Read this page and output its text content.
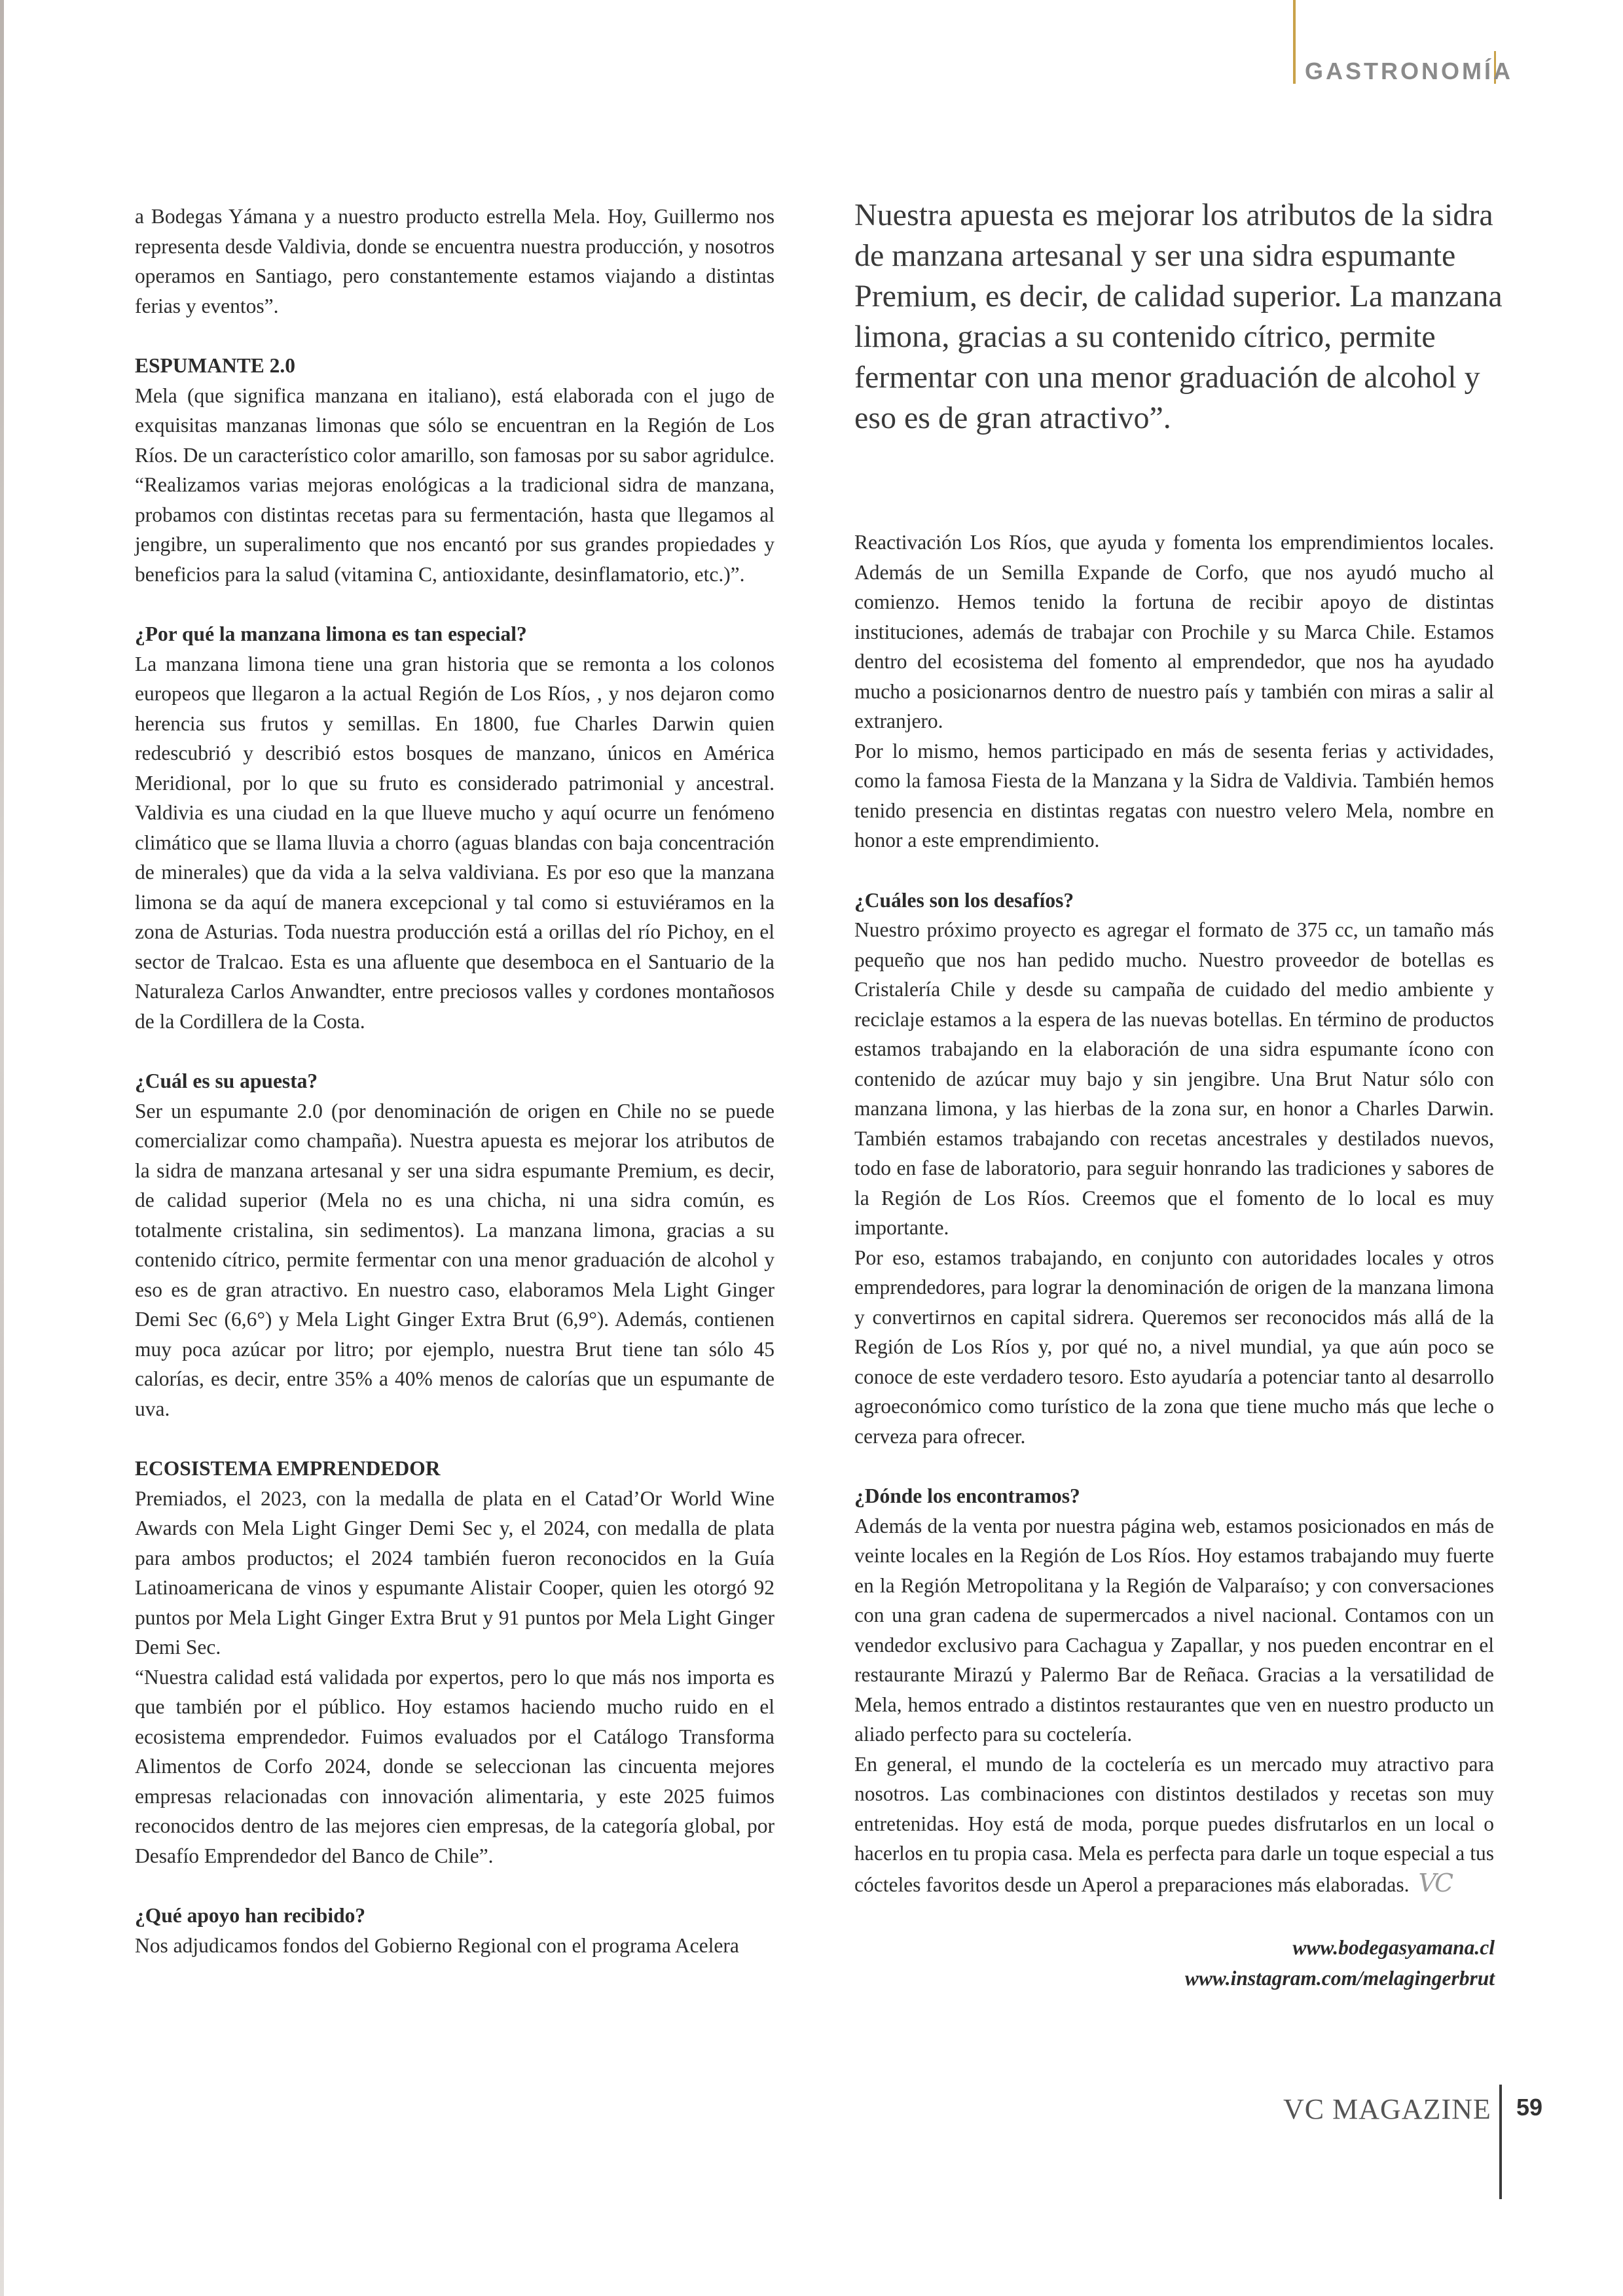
GASTRONOMÍA
Nuestra apuesta es mejorar los atributos de la sidra de manzana artesanal y ser una sidra espumante Premium, es decir, de calidad superior. La manzana limona, gracias a su contenido cítrico, permite fermentar con una menor graduación de alcohol y eso es de gran atractivo”.

a Bodegas Yámana y a nuestro producto estrella Mela. Hoy, Guillermo nos representa desde Valdivia, donde se encuentra nuestra producción, y nosotros operamos en Santiago, pero constantemente estamos viajando a distintas ferias y eventos”.

ESPUMANTE 2.0

Mela (que significa manzana en italiano), está elaborada con el jugo de exquisitas manzanas limonas que sólo se encuentran en la Región de Los Ríos. De un característico color amarillo, son famosas por su sabor agridulce. “Realizamos varias mejoras enológicas a la tradicional sidra de manzana, probamos con distintas recetas para su fermentación, hasta que llegamos al jengibre, un superalimento que nos encantó por sus grandes propiedades y beneficios para la salud (vitamina C, antioxidante, desinflamatorio, etc.)”.

¿Por qué la manzana limona es tan especial?

La manzana limona tiene una gran historia que se remonta a los colonos europeos que llegaron a la actual Región de Los Ríos, , y nos dejaron como herencia sus frutos y semillas. En 1800, fue Charles Darwin quien redescubrió y describió estos bosques de manzano, únicos en América Meridional, por lo que su fruto es considerado patrimonial y ancestral. Valdivia es una ciudad en la que llueve mucho y aquí ocurre un fenómeno climático que se llama lluvia a chorro (aguas blandas con baja concentración de minerales) que da vida a la selva valdiviana. Es por eso que la manzana limona se da aquí de manera excepcional y tal como si estuviéramos en la zona de Asturias. Toda nuestra producción está a orillas del río Pichoy, en el sector de Tralcao. Esta es una afluente que desemboca en el Santuario de la Naturaleza Carlos Anwandter, entre preciosos valles y cordones montañosos de la Cordillera de la Costa.

¿Cuál es su apuesta?

Ser un espumante 2.0 (por denominación de origen en Chile no se puede comercializar como champaña). Nuestra apuesta es mejorar los atributos de la sidra de manzana artesanal y ser una sidra espumante Premium, es decir, de calidad superior (Mela no es una chicha, ni una sidra común, es totalmente cristalina, sin sedimentos). La manzana limona, gracias a su contenido cítrico, permite fermentar con una menor graduación de alcohol y eso es de gran atractivo. En nuestro caso, elaboramos Mela Light Ginger Demi Sec (6,6°) y Mela Light Ginger Extra Brut (6,9°). Además, contienen muy poca azúcar por litro; por ejemplo, nuestra Brut tiene tan sólo 45 calorías, es decir, entre 35% a 40% menos de calorías que un espumante de uva.

ECOSISTEMA EMPRENDEDOR

Premiados, el 2023, con la medalla de plata en el Catad’Or World Wine Awards con Mela Light Ginger Demi Sec y, el 2024, con medalla de plata para ambos productos; el 2024 también fueron reconocidos en la Guía Latinoamericana de vinos y espumante Alistair Cooper, quien les otorgó 92 puntos por Mela Light Ginger Extra Brut y 91 puntos por Mela Light Ginger Demi Sec.

“Nuestra calidad está validada por expertos, pero lo que más nos importa es que también por el público. Hoy estamos haciendo mucho ruido en el ecosistema emprendedor. Fuimos evaluados por el Catálogo Transforma Alimentos de Corfo 2024, donde se seleccionan las cincuenta mejores empresas relacionadas con innovación alimentaria, y este 2025 fuimos reconocidos dentro de las mejores cien empresas, de la categoría global, por Desafío Emprendedor del Banco de Chile”.

¿Qué apoyo han recibido?

Nos adjudicamos fondos del Gobierno Regional con el programa Acelera

Reactivación Los Ríos, que ayuda y fomenta los emprendimientos locales. Además de un Semilla Expande de Corfo, que nos ayudó mucho al comienzo. Hemos tenido la fortuna de recibir apoyo de distintas instituciones, además de trabajar con Prochile y su Marca Chile. Estamos dentro del ecosistema del fomento al emprendedor, que nos ha ayudado mucho a posicionarnos dentro de nuestro país y también con miras a salir al extranjero.

Por lo mismo, hemos participado en más de sesenta ferias y actividades, como la famosa Fiesta de la Manzana y la Sidra de Valdivia. También hemos tenido presencia en distintas regatas con nuestro velero Mela, nombre en honor a este emprendimiento.

¿Cuáles son los desafíos?

Nuestro próximo proyecto es agregar el formato de 375 cc, un tamaño más pequeño que nos han pedido mucho. Nuestro proveedor de botellas es Cristalería Chile y desde su campaña de cuidado del medio ambiente y reciclaje estamos a la espera de las nuevas botellas. En término de productos estamos trabajando en la elaboración de una sidra espumante ícono con contenido de azúcar muy bajo y sin jengibre. Una Brut Natur sólo con manzana limona, y las hierbas de la zona sur, en honor a Charles Darwin. También estamos trabajando con recetas ancestrales y destilados nuevos, todo en fase de laboratorio, para seguir honrando las tradiciones y sabores de la Región de Los Ríos. Creemos que el fomento de lo local es muy importante.

Por eso, estamos trabajando, en conjunto con autoridades locales y otros emprendedores, para lograr la denominación de origen de la manzana limona y convertirnos en capital sidrera. Queremos ser reconocidos más allá de la Región de Los Ríos y, por qué no, a nivel mundial, ya que aún poco se conoce de este verdadero tesoro. Esto ayudaría a potenciar tanto al desarrollo agroeconómico como turístico de la zona que tiene mucho más que leche o cerveza para ofrecer.

¿Dónde los encontramos?

Además de la venta por nuestra página web, estamos posicionados en más de veinte locales en la Región de Los Ríos. Hoy estamos trabajando muy fuerte en la Región Metropolitana y la Región de Valparaíso; y con conversaciones con una gran cadena de supermercados a nivel nacional. Contamos con un vendedor exclusivo para Cachagua y Zapallar, y nos pueden encontrar en el restaurante Mirazú y Palermo Bar de Reñaca. Gracias a la versatilidad de Mela, hemos entrado a distintos restaurantes que ven en nuestro producto un aliado perfecto para su coctelería.

En general, el mundo de la coctelería es un mercado muy atractivo para nosotros. Las combinaciones con distintos destilados y recetas son muy entretenidas. Hoy está de moda, porque puedes disfrutarlos en un local o hacerlos en tu propia casa. Mela es perfecta para darle un toque especial a tus cócteles favoritos desde un Aperol a preparaciones más elaboradas. VC

www.bodegasyamana.cl
www.instagram.com/melagingerbrut
VC MAGAZINE 59
